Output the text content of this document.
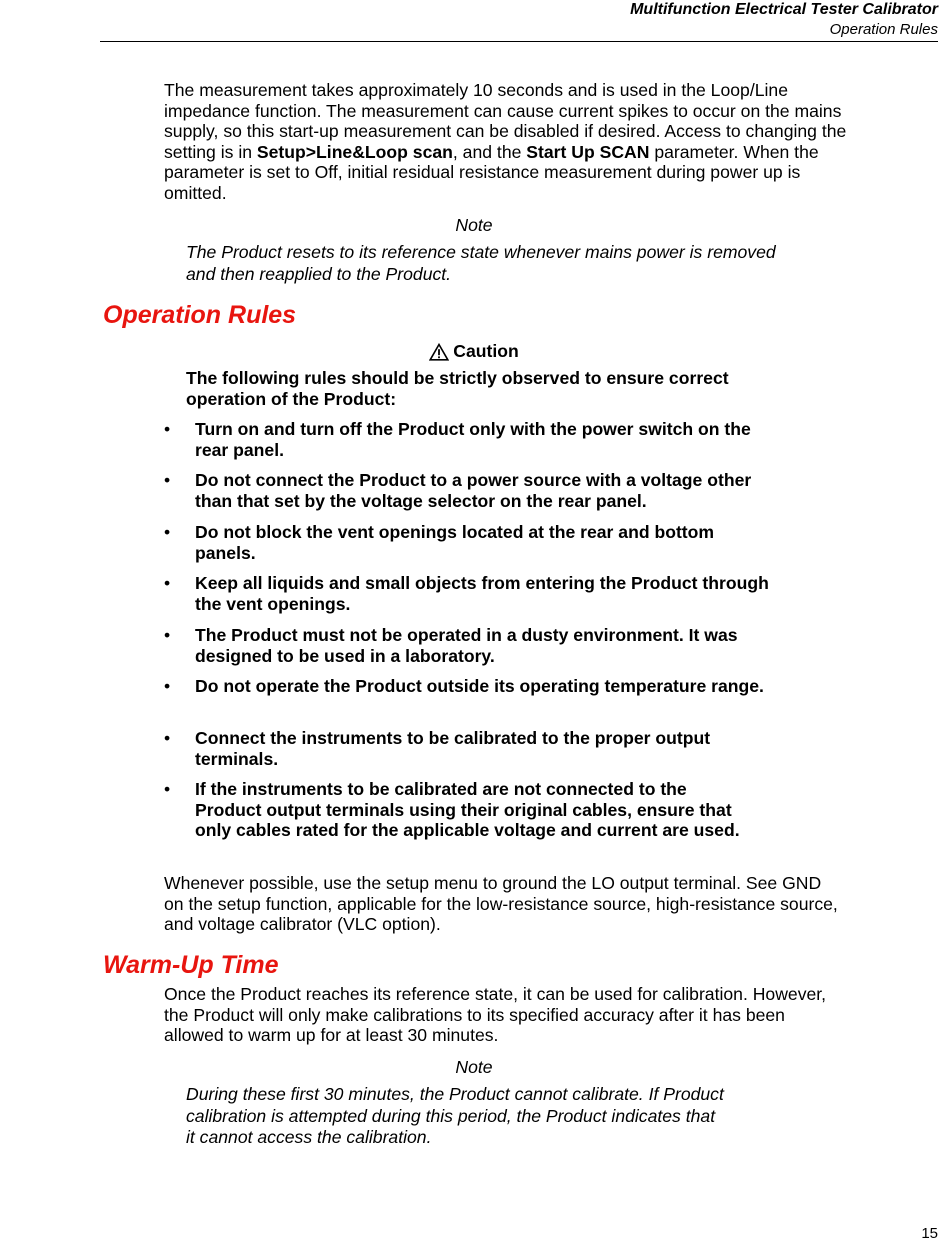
Multifunction Electrical Tester Calibrator
Operation Rules
The measurement takes approximately 10 seconds and is used in the Loop/Line impedance function. The measurement can cause current spikes to occur on the mains supply, so this start-up measurement can be disabled if desired. Access to changing the setting is in Setup>Line&Loop scan, and the Start Up SCAN parameter. When the parameter is set to Off, initial residual resistance measurement during power up is omitted.
Note
The Product resets to its reference state whenever mains power is removed and then reapplied to the Product.
Operation Rules
Caution
The following rules should be strictly observed to ensure correct operation of the Product:
•	Turn on and turn off the Product only with the power switch on the rear panel.
•	Do not connect the Product to a power source with a voltage other than that set by the voltage selector on the rear panel.
•	Do not block the vent openings located at the rear and bottom panels.
•	Keep all liquids and small objects from entering the Product through the vent openings.
•	The Product must not be operated in a dusty environment. It was designed to be used in a laboratory.
•	Do not operate the Product outside its operating temperature range.
•	Connect the instruments to be calibrated to the proper output terminals.
•	If the instruments to be calibrated are not connected to the Product output terminals using their original cables, ensure that only cables rated for the applicable voltage and current are used.
Whenever possible, use the setup menu to ground the LO output terminal. See GND on the setup function, applicable for the low-resistance source, high-resistance source, and voltage calibrator (VLC option).
Warm-Up Time
Once the Product reaches its reference state, it can be used for calibration. However, the Product will only make calibrations to its specified accuracy after it has been allowed to warm up for at least 30 minutes.
Note
During these first 30 minutes, the Product cannot calibrate. If Product calibration is attempted during this period, the Product indicates that it cannot access the calibration.
15
